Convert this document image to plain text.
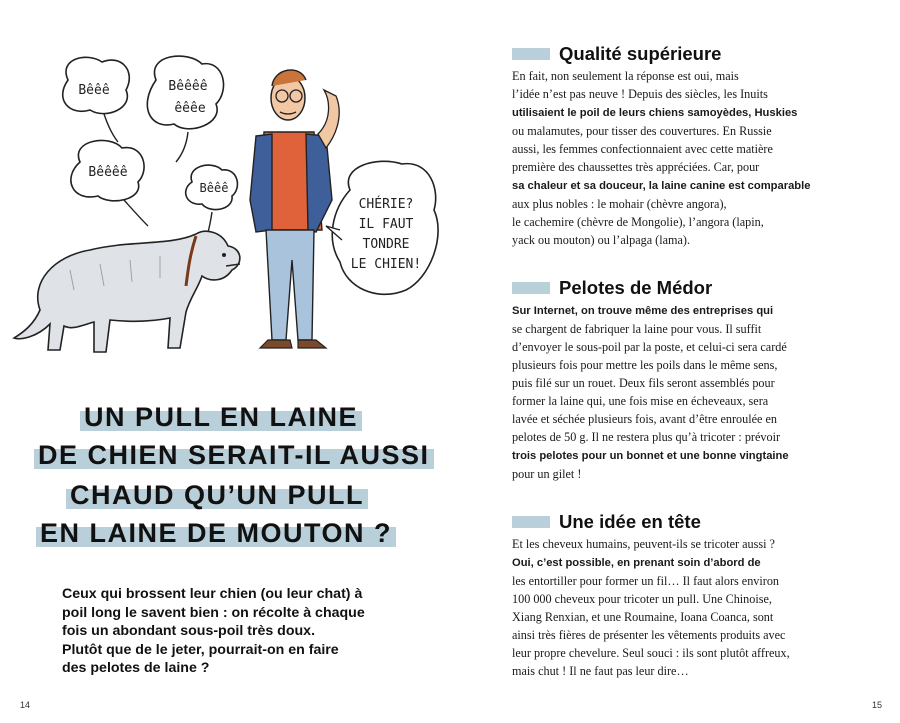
Bêêê	Bêêêê
êêêe
Bêêêê
Bêêê
CHÉRIE?
IL FAUT
TONDRE
LE CHIEN!
UN PULL EN LAINE
DE CHIEN SERAIT-IL AUSSI
CHAUD QU’UN PULL
EN LAINE DE MOUTON ?
Ceux qui brossent leur chien (ou leur chat) à
poil long le savent bien : on récolte à chaque
fois un abondant sous-poil très doux.
Plutôt que de le jeter, pourrait-on en faire
des pelotes de laine ?
14
Qualité supérieure
En fait, non seulement la réponse est oui, mais
l’idée n’est pas neuve ! Depuis des siècles, les Inuits
utilisaient le poil de leurs chiens samoyèdes, Huskies
ou malamutes, pour tisser des couvertures. En Russie
aussi, les femmes confectionnaient avec cette matière
première des chaussettes très appréciées. Car, pour
sa chaleur et sa douceur, la laine canine est comparable
aux plus nobles : le mohair (chèvre angora),
le cachemire (chèvre de Mongolie), l’angora (lapin,
yack ou mouton) ou l’alpaga (lama).
Pelotes de Médor
Sur Internet, on trouve même des entreprises qui
se chargent de fabriquer la laine pour vous. Il suffit
d’envoyer le sous-poil par la poste, et celui-ci sera cardé
plusieurs fois pour mettre les poils dans le même sens,
puis filé sur un rouet. Deux fils seront assemblés pour
former la laine qui, une fois mise en écheveaux, sera
lavée et séchée plusieurs fois, avant d’être enroulée en
pelotes de 50 g. Il ne restera plus qu’à tricoter : prévoir
trois pelotes pour un bonnet et une bonne vingtaine
pour un gilet !
Une idée en tête
Et les cheveux humains, peuvent-ils se tricoter aussi ?
Oui, c’est possible, en prenant soin d’abord de
les entortiller pour former un fil… Il faut alors environ
100 000 cheveux pour tricoter un pull. Une Chinoise,
Xiang Renxian, et une Roumaine, Ioana Coanca, sont
ainsi très fières de présenter les vêtements produits avec
leur propre chevelure. Seul souci : ils sont plutôt affreux,
mais chut ! Il ne faut pas leur dire…
15
